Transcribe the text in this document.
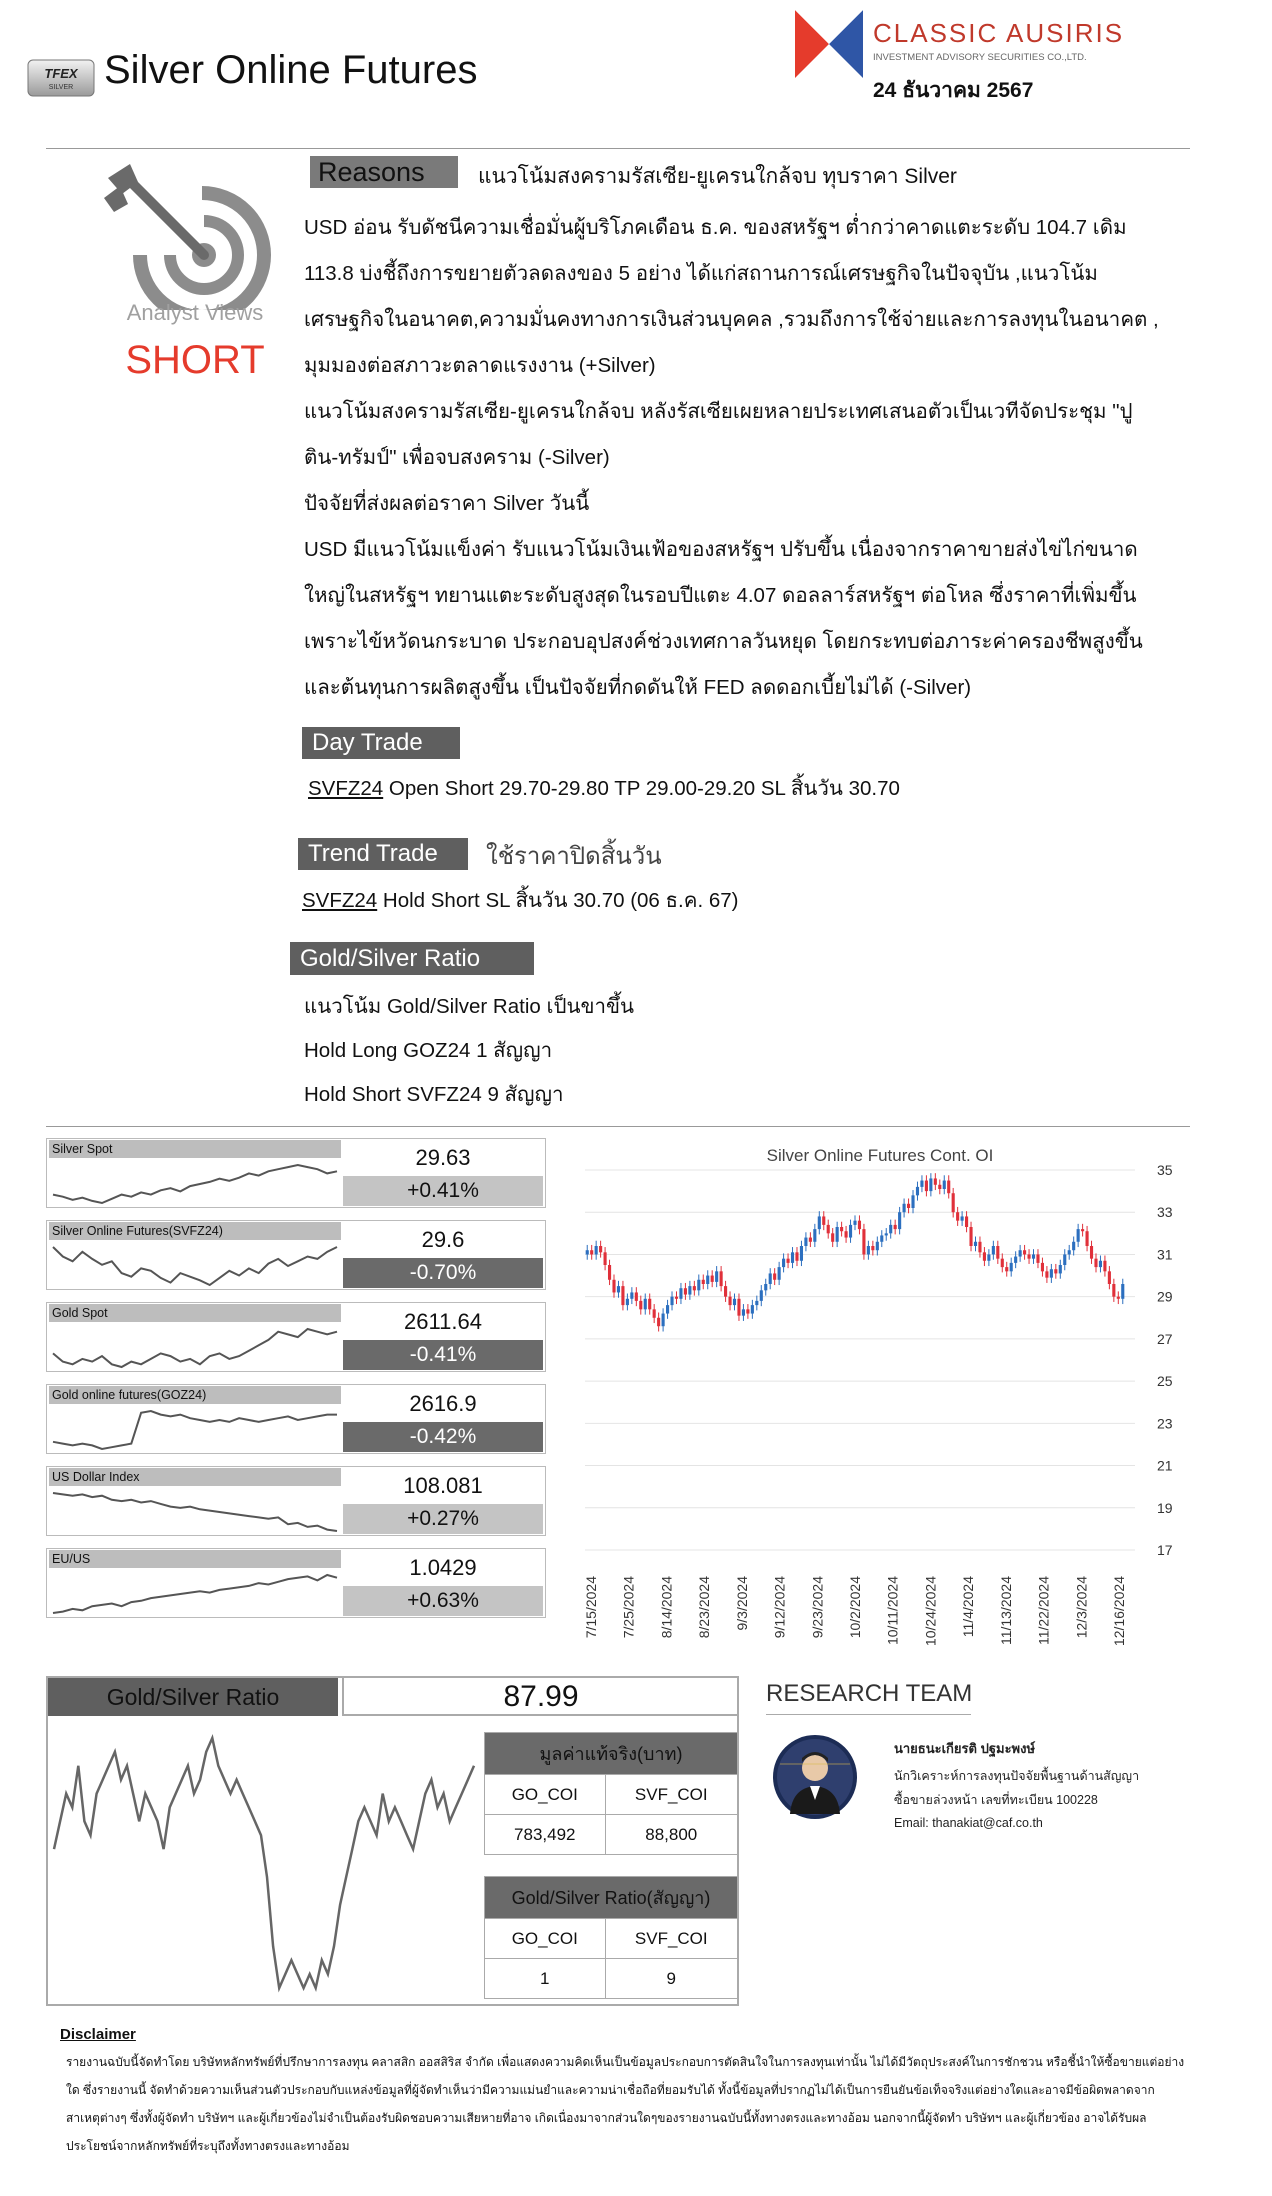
TFEX
SILVER Silver Online Futures
CLASSIC AUSIRIS
INVESTMENT ADVISORY SECURITIES CO.,LTD.
24 ธันวาคม 2567
Analyst Views
SHORT
Reasons	แนวโน้มสงครามรัสเซีย-ยูเครนใกล้จบ ทุบราคา Silver

USD อ่อน รับดัชนีความเชื่อมั่นผู้บริโภคเดือน ธ.ค. ของสหรัฐฯ ต่ำกว่าคาดแตะระดับ 104.7 เดิม

113.8 บ่งชี้ถึงการขยายตัวลดลงของ 5 อย่าง ได้แก่สถานการณ์เศรษฐกิจในปัจจุบัน ,แนวโน้ม

เศรษฐกิจในอนาคต,ความมั่นคงทางการเงินส่วนบุคคล ,รวมถึงการใช้จ่ายและการลงทุนในอนาคต ,

มุมมองต่อสภาวะตลาดแรงงาน (+Silver)

แนวโน้มสงครามรัสเซีย-ยูเครนใกล้จบ หลังรัสเซียเผยหลายประเทศเสนอตัวเป็นเวทีจัดประชุม "ปู

ติน-ทรัมป์" เพื่อจบสงคราม (-Silver)

ปัจจัยที่ส่งผลต่อราคา Silver วันนี้

USD มีแนวโน้มแข็งค่า รับแนวโน้มเงินเฟ้อของสหรัฐฯ ปรับขึ้น เนื่องจากราคาขายส่งไข่ไก่ขนาด

ใหญ่ในสหรัฐฯ ทยานแตะระดับสูงสุดในรอบปีแตะ 4.07 ดอลลาร์สหรัฐฯ ต่อโหล ซึ่งราคาที่เพิ่มขึ้น

เพราะไข้หวัดนกระบาด ประกอบอุปสงค์ช่วงเทศกาลวันหยุด โดยกระทบต่อภาระค่าครองชีพสูงขึ้น

และต้นทุนการผลิตสูงขึ้น เป็นปัจจัยที่กดดันให้ FED ลดดอกเบี้ยไม่ได้ (-Silver)

Day Trade
SVFZ24 Open Short 29.70-29.80 TP 29.00-29.20 SL สิ้นวัน 30.70
Trend Trade	ใช้ราคาปิดสิ้นวัน
SVFZ24 Hold Short SL สิ้นวัน 30.70 (06 ธ.ค. 67)
Gold/Silver Ratio
แนวโน้ม Gold/Silver Ratio เป็นขาขึ้น
Hold Long GOZ24 1 สัญญา
Hold Short SVFZ24 9 สัญญา
Silver Spot	29.63
+0.41%
Silver Online Futures(SVFZ24)	29.6
-0.70%
Gold Spot	2611.64
-0.41%
Gold online futures(GOZ24)	2616.9
-0.42%
US Dollar Index	108.081
+0.27%
EU/US	1.0429
+0.63%
Silver Online Futures Cont. OI
17
19
21
23
25
27
29
31
33
35
7/15/2024 7/25/2024 8/14/2024 8/23/2024 9/3/2024 9/12/2024 9/23/2024 10/2/2024 10/11/2024 10/24/2024 11/4/2024 11/13/2024 11/22/2024 12/3/2024 12/16/2024
Gold/Silver Ratio	87.99
มูลค่าแท้จริง(บาท)	
GO_COI	SVF_COI
783,492	88,800
Gold/Silver Ratio(สัญญา)	
GO_COI	SVF_COI
1	9
RESEARCH TEAM
นายธนะเกียรติ ปฐมะพงษ์
นักวิเคราะห์การลงทุนปัจจัยพื้นฐานด้านสัญญา
ซื้อขายล่วงหน้า เลขที่ทะเบียน 100228
Email: thanakiat@caf.co.th
Disclaimer
รายงานฉบับนี้จัดทำโดย บริษัทหลักทรัพย์ที่ปรึกษาการลงทุน คลาสสิก ออสสิริส จำกัด เพื่อแสดงความคิดเห็นเป็นข้อมูลประกอบการตัดสินใจในการลงทุนเท่านั้น ไม่ได้มีวัตถุประสงค์ในการชักชวน หรือชี้นำให้ซื้อขายแต่อย่างใด ซึ่งรายงานนี้ จัดทำด้วยความเห็นส่วนตัวประกอบกับแหล่งข้อมูลที่ผู้จัดทำเห็นว่ามีความแม่นยำและความน่าเชื่อถือที่ยอมรับได้ ทั้งนี้ข้อมูลที่ปรากฏไม่ได้เป็นการยืนยันข้อเท็จจริงแต่อย่างใดและอาจมีข้อผิดพลาดจากสาเหตุต่างๆ ซึ่งทั้งผู้จัดทำ บริษัทฯ และผู้เกี่ยวข้องไม่จำเป็นต้องรับผิดชอบความเสียหายที่อาจ เกิดเนื่องมาจากส่วนใดๆของรายงานฉบับนี้ทั้งทางตรงและทางอ้อม นอกจากนี้ผู้จัดทำ บริษัทฯ และผู้เกี่ยวข้อง อาจได้รับผลประโยชน์จากหลักทรัพย์ที่ระบุถึงทั้งทางตรงและทางอ้อม
